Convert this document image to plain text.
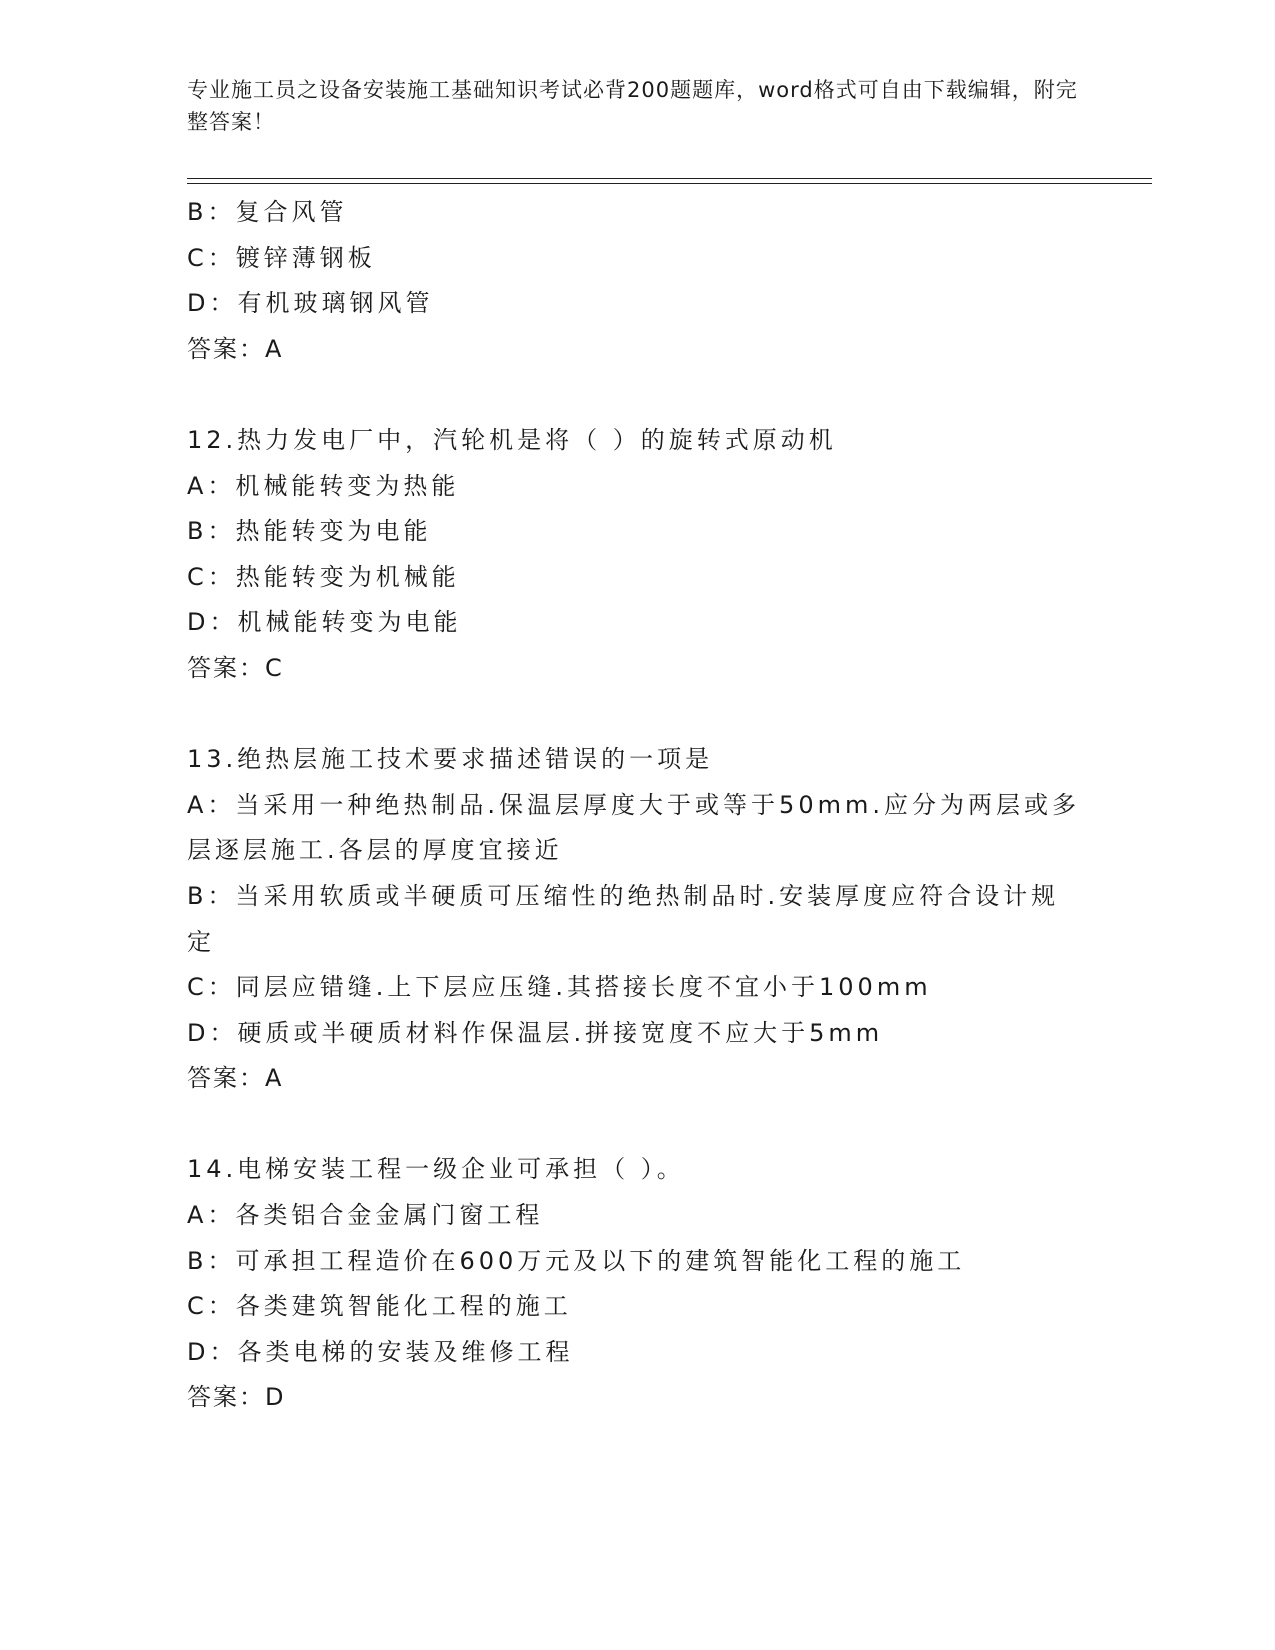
专业施工员之设备安装施工基础知识考试必背200题题库，word格式可自由下载编辑，附完整答案！
B：复合风管
C：镀锌薄钢板
D：有机玻璃钢风管
答案：A
12.热力发电厂中，汽轮机是将（ ）的旋转式原动机
A：机械能转变为热能
B：热能转变为电能
C：热能转变为机械能
D：机械能转变为电能
答案：C
13.绝热层施工技术要求描述错误的一项是
A：当采用一种绝热制品.保温层厚度大于或等于50mm.应分为两层或多层逐层施工.各层的厚度宜接近
B：当采用软质或半硬质可压缩性的绝热制品时.安装厚度应符合设计规定
C：同层应错缝.上下层应压缝.其搭接长度不宜小于100mm
D：硬质或半硬质材料作保温层.拼接宽度不应大于5mm
答案：A
14.电梯安装工程一级企业可承担（ ）。
A：各类铝合金金属门窗工程
B：可承担工程造价在600万元及以下的建筑智能化工程的施工
C：各类建筑智能化工程的施工
D：各类电梯的安装及维修工程
答案：D
